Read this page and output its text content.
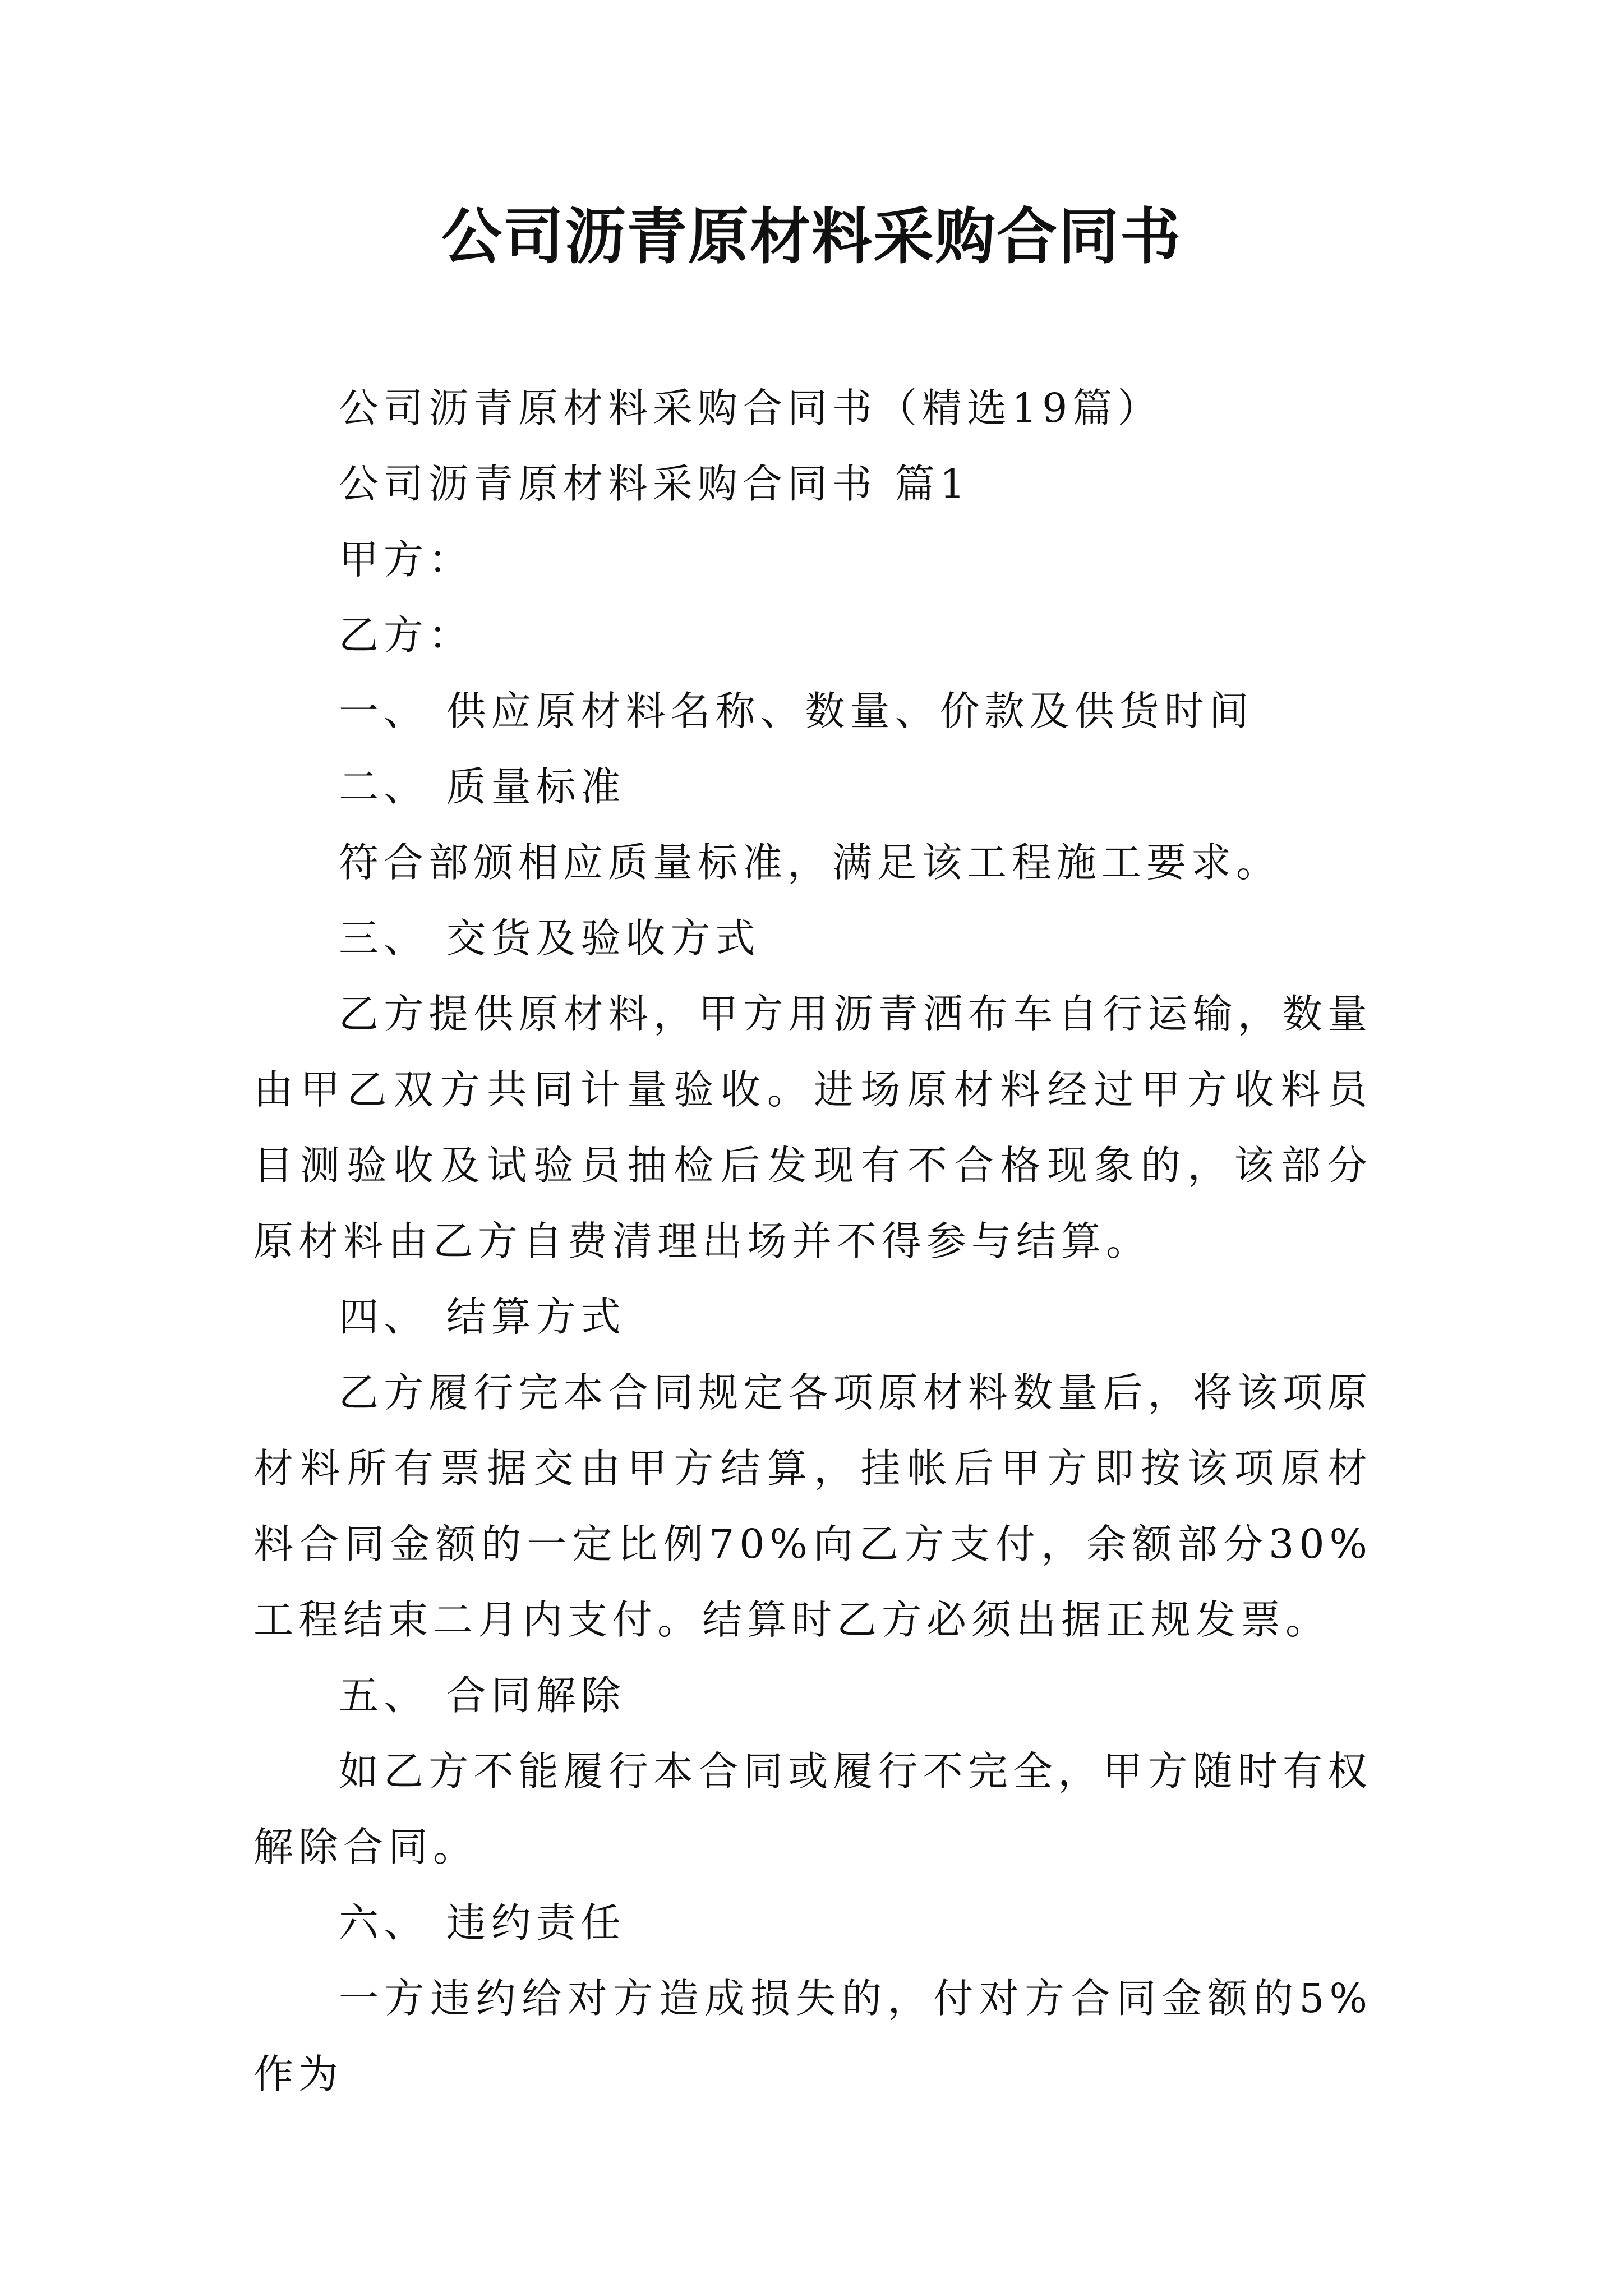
公司沥青原材料采购合同书

公司沥青原材料采购合同书（精选19篇）

公司沥青原材料采购合同书 篇1

甲方：

乙方：

一、 供应原材料名称、数量、价款及供货时间

二、 质量标准

符合部颁相应质量标准，满足该工程施工要求。

三、 交货及验收方式

乙方提供原材料，甲方用沥青洒布车自行运输，数量由甲乙双方共同计量验收。进场原材料经过甲方收料员目测验收及试验员抽检后发现有不合格现象的，该部分原材料由乙方自费清理出场并不得参与结算。

四、 结算方式

乙方履行完本合同规定各项原材料数量后，将该项原材料所有票据交由甲方结算，挂帐后甲方即按该项原材料合同金额的一定比例70%向乙方支付，余额部分30%工程结束二月内支付。结算时乙方必须出据正规发票。

五、 合同解除

如乙方不能履行本合同或履行不完全，甲方随时有权解除合同。

六、 违约责任

一方违约给对方造成损失的，付对方合同金额的5%作为
